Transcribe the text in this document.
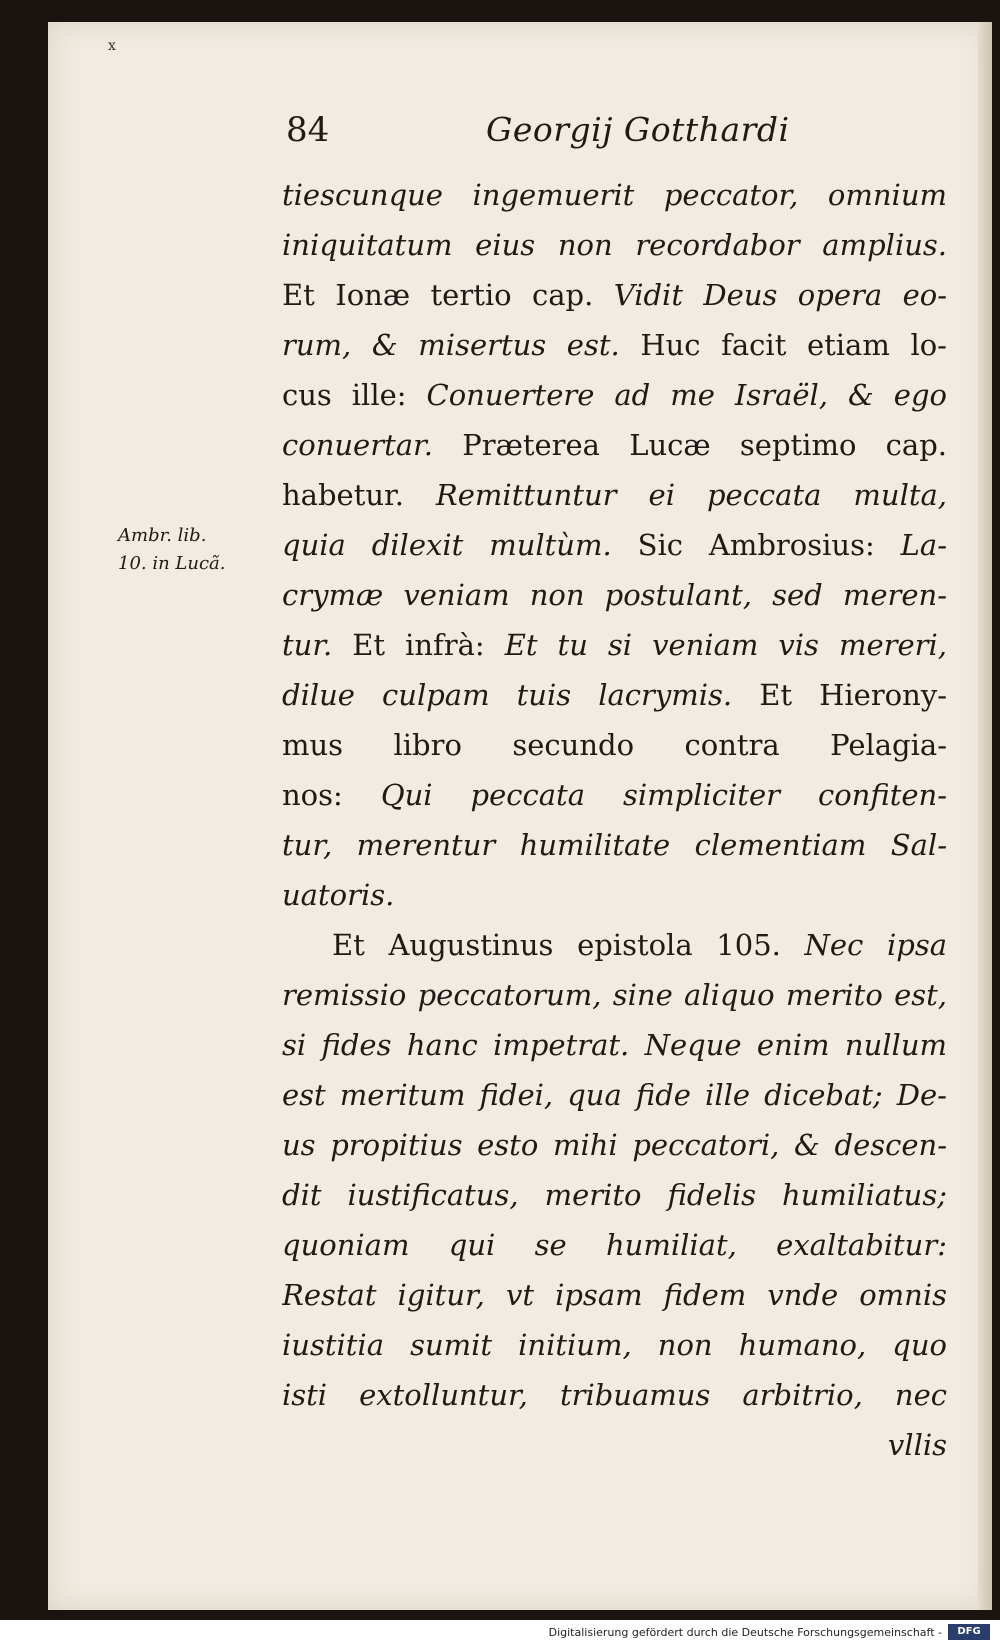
x
84	Georgij Gotthardi
Ambr. lib.
10. in Lucã.
tiescunque ingemuerit peccator, omnium
iniquitatum eius non recordabor amplius.
Et Ionæ tertio cap. Vidit Deus opera eo-
rum, & misertus est. Huc facit etiam lo-
cus ille: Conuertere ad me Israël, & ego
conuertar. Præterea Lucæ septimo cap.
habetur. Remittuntur ei peccata multa,
quia dilexit multùm. Sic Ambrosius: La-
crymæ veniam non postulant, sed meren-
tur. Et infrà: Et tu si veniam vis mereri,
dilue culpam tuis lacrymis. Et Hierony-
mus libro secundo contra Pelagia-
nos: Qui peccata simpliciter confiten-
tur, merentur humilitate clementiam Sal-
uatoris.
Et Augustinus epistola 105. Nec ipsa
remissio peccatorum, sine aliquo merito est,
si fides hanc impetrat. Neque enim nullum
est meritum fidei, qua fide ille dicebat; De-
us propitius esto mihi peccatori, & descen-
dit iustificatus, merito fidelis humiliatus;
quoniam qui se humiliat, exaltabitur:
Restat igitur, vt ipsam fidem vnde omnis
iustitia sumit initium, non humano, quo
isti extolluntur, tribuamus arbitrio, nec
vllis
Digitalisierung gefördert durch die Deutsche Forschungsgemeinschaft -	DFG
